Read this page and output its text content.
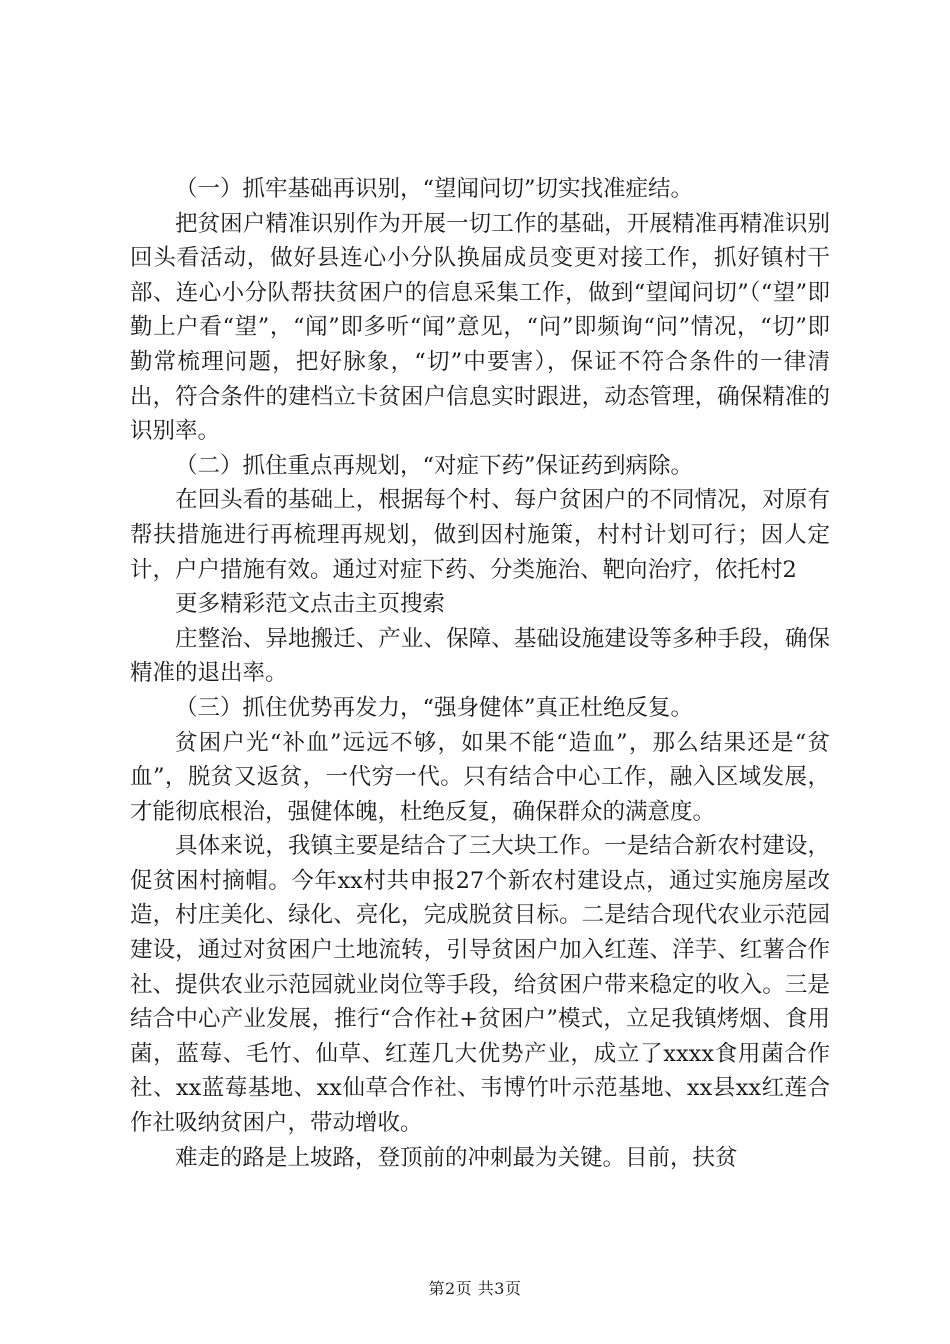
（一）抓牢基础再识别，“望闻问切”切实找准症结。

把贫困户精准识别作为开展一切工作的基础，开展精准再精准识别回头看活动，做好县连心小分队换届成员变更对接工作，抓好镇村干部、连心小分队帮扶贫困户的信息采集工作，做到“望闻问切”（“望”即勤上户看“望”，“闻”即多听“闻”意见，“问”即频询“问”情况，“切”即勤常梳理问题，把好脉象，“切”中要害），保证不符合条件的一律清出，符合条件的建档立卡贫困户信息实时跟进，动态管理，确保精准的识别率。

（二）抓住重点再规划，“对症下药”保证药到病除。

在回头看的基础上，根据每个村、每户贫困户的不同情况，对原有帮扶措施进行再梳理再规划，做到因村施策，村村计划可行；因人定计，户户措施有效。通过对症下药、分类施治、靶向治疗，依托村2

更多精彩范文点击主页搜索

庄整治、异地搬迁、产业、保障、基础设施建设等多种手段，确保精准的退出率。

（三）抓住优势再发力，“强身健体”真正杜绝反复。

贫困户光“补血”远远不够，如果不能“造血”，那么结果还是“贫血”，脱贫又返贫，一代穷一代。只有结合中心工作，融入区域发展，才能彻底根治，强健体魄，杜绝反复，确保群众的满意度。

具体来说，我镇主要是结合了三大块工作。一是结合新农村建设，促贫困村摘帽。今年xx村共申报27个新农村建设点，通过实施房屋改造，村庄美化、绿化、亮化，完成脱贫目标。二是结合现代农业示范园建设，通过对贫困户土地流转，引导贫困户加入红莲、洋芋、红薯合作社、提供农业示范园就业岗位等手段，给贫困户带来稳定的收入。三是结合中心产业发展，推行“合作社+贫困户”模式，立足我镇烤烟、食用菌，蓝莓、毛竹、仙草、红莲几大优势产业，成立了xxxx食用菌合作社、xx蓝莓基地、xx仙草合作社、韦博竹叶示范基地、xx县xx红莲合作社吸纳贫困户，带动增收。

难走的路是上坡路，登顶前的冲刺最为关键。目前，扶贫

第2页 共3页
